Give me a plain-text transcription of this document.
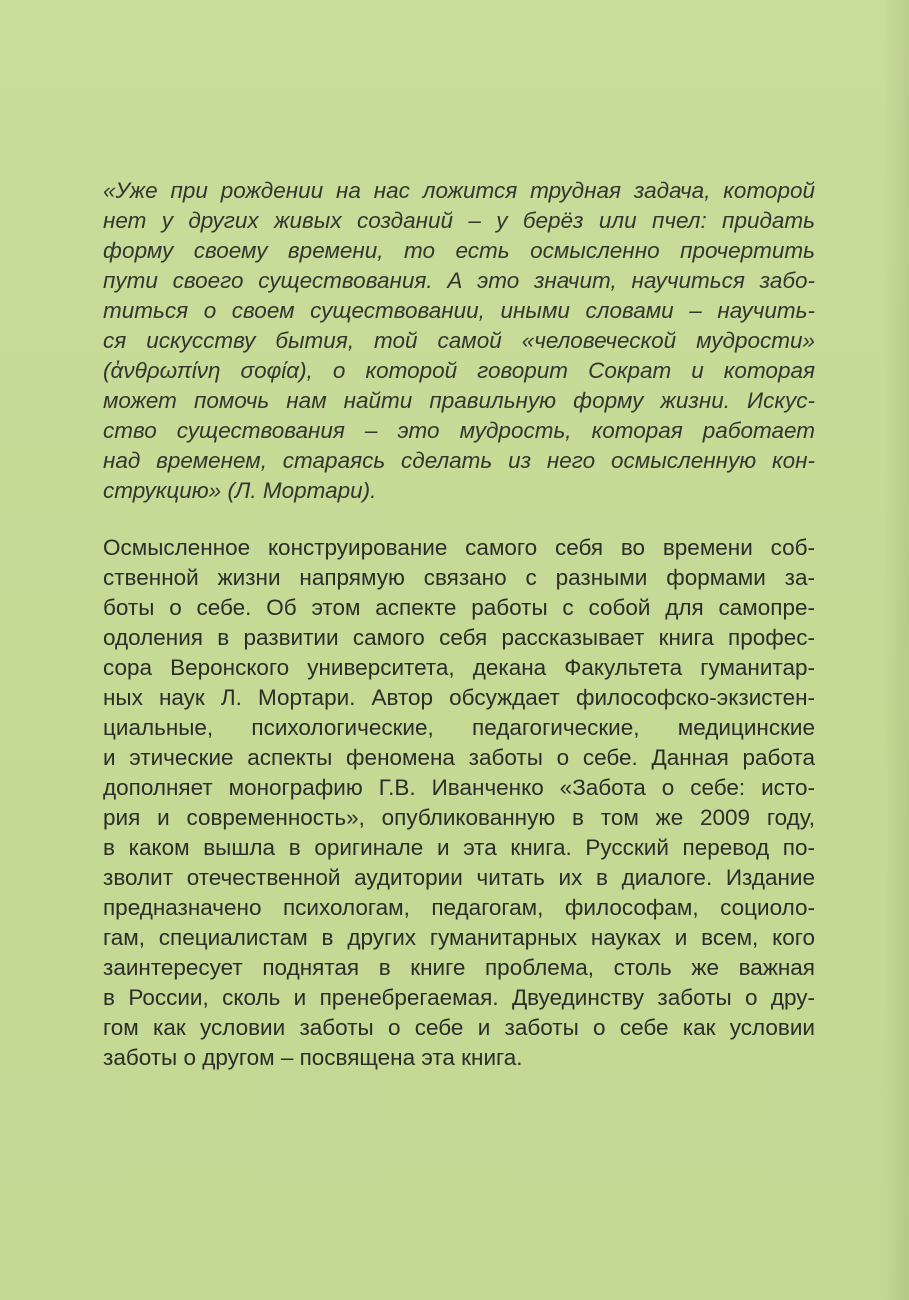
«Уже при рождении на нас ложится трудная задача, которой
нет у других живых созданий – у берёз или пчел: придать
форму своему времени, то есть осмысленно прочертить
пути своего существования. А это значит, научиться забо-
титься о своем существовании, иными словами – научить-
ся искусству бытия, той самой «человеческой мудрости»
(ἀνθρωπίνη σοφία), о которой говорит Сократ и которая
может помочь нам найти правильную форму жизни. Искус-
ство существования – это мудрость, которая работает
над временем, стараясь сделать из него осмысленную кон-
струкцию» (Л. Мортари).
Осмысленное конструирование самого себя во времени соб-
ственной жизни напрямую связано с разными формами за-
боты о себе. Об этом аспекте работы с собой для самопре-
одоления в развитии самого себя рассказывает книга профес-
сора Веронского университета, декана Факультета гуманитар-
ных наук Л. Мортари. Автор обсуждает философско-экзистен-
циальные, психологические, педагогические, медицинские
и этические аспекты феномена заботы о себе. Данная работа
дополняет монографию Г.В. Иванченко «Забота о себе: исто-
рия и современность», опубликованную в том же 2009 году,
в каком вышла в оригинале и эта книга. Русский перевод по-
зволит отечественной аудитории читать их в диалоге. Издание
предназначено психологам, педагогам, философам, социоло-
гам, специалистам в других гуманитарных науках и всем, кого
заинтересует поднятая в книге проблема, столь же важная
в России, сколь и пренебрегаемая. Двуединству заботы о дру-
гом как условии заботы о себе и заботы о себе как условии
заботы о другом – посвящена эта книга.
